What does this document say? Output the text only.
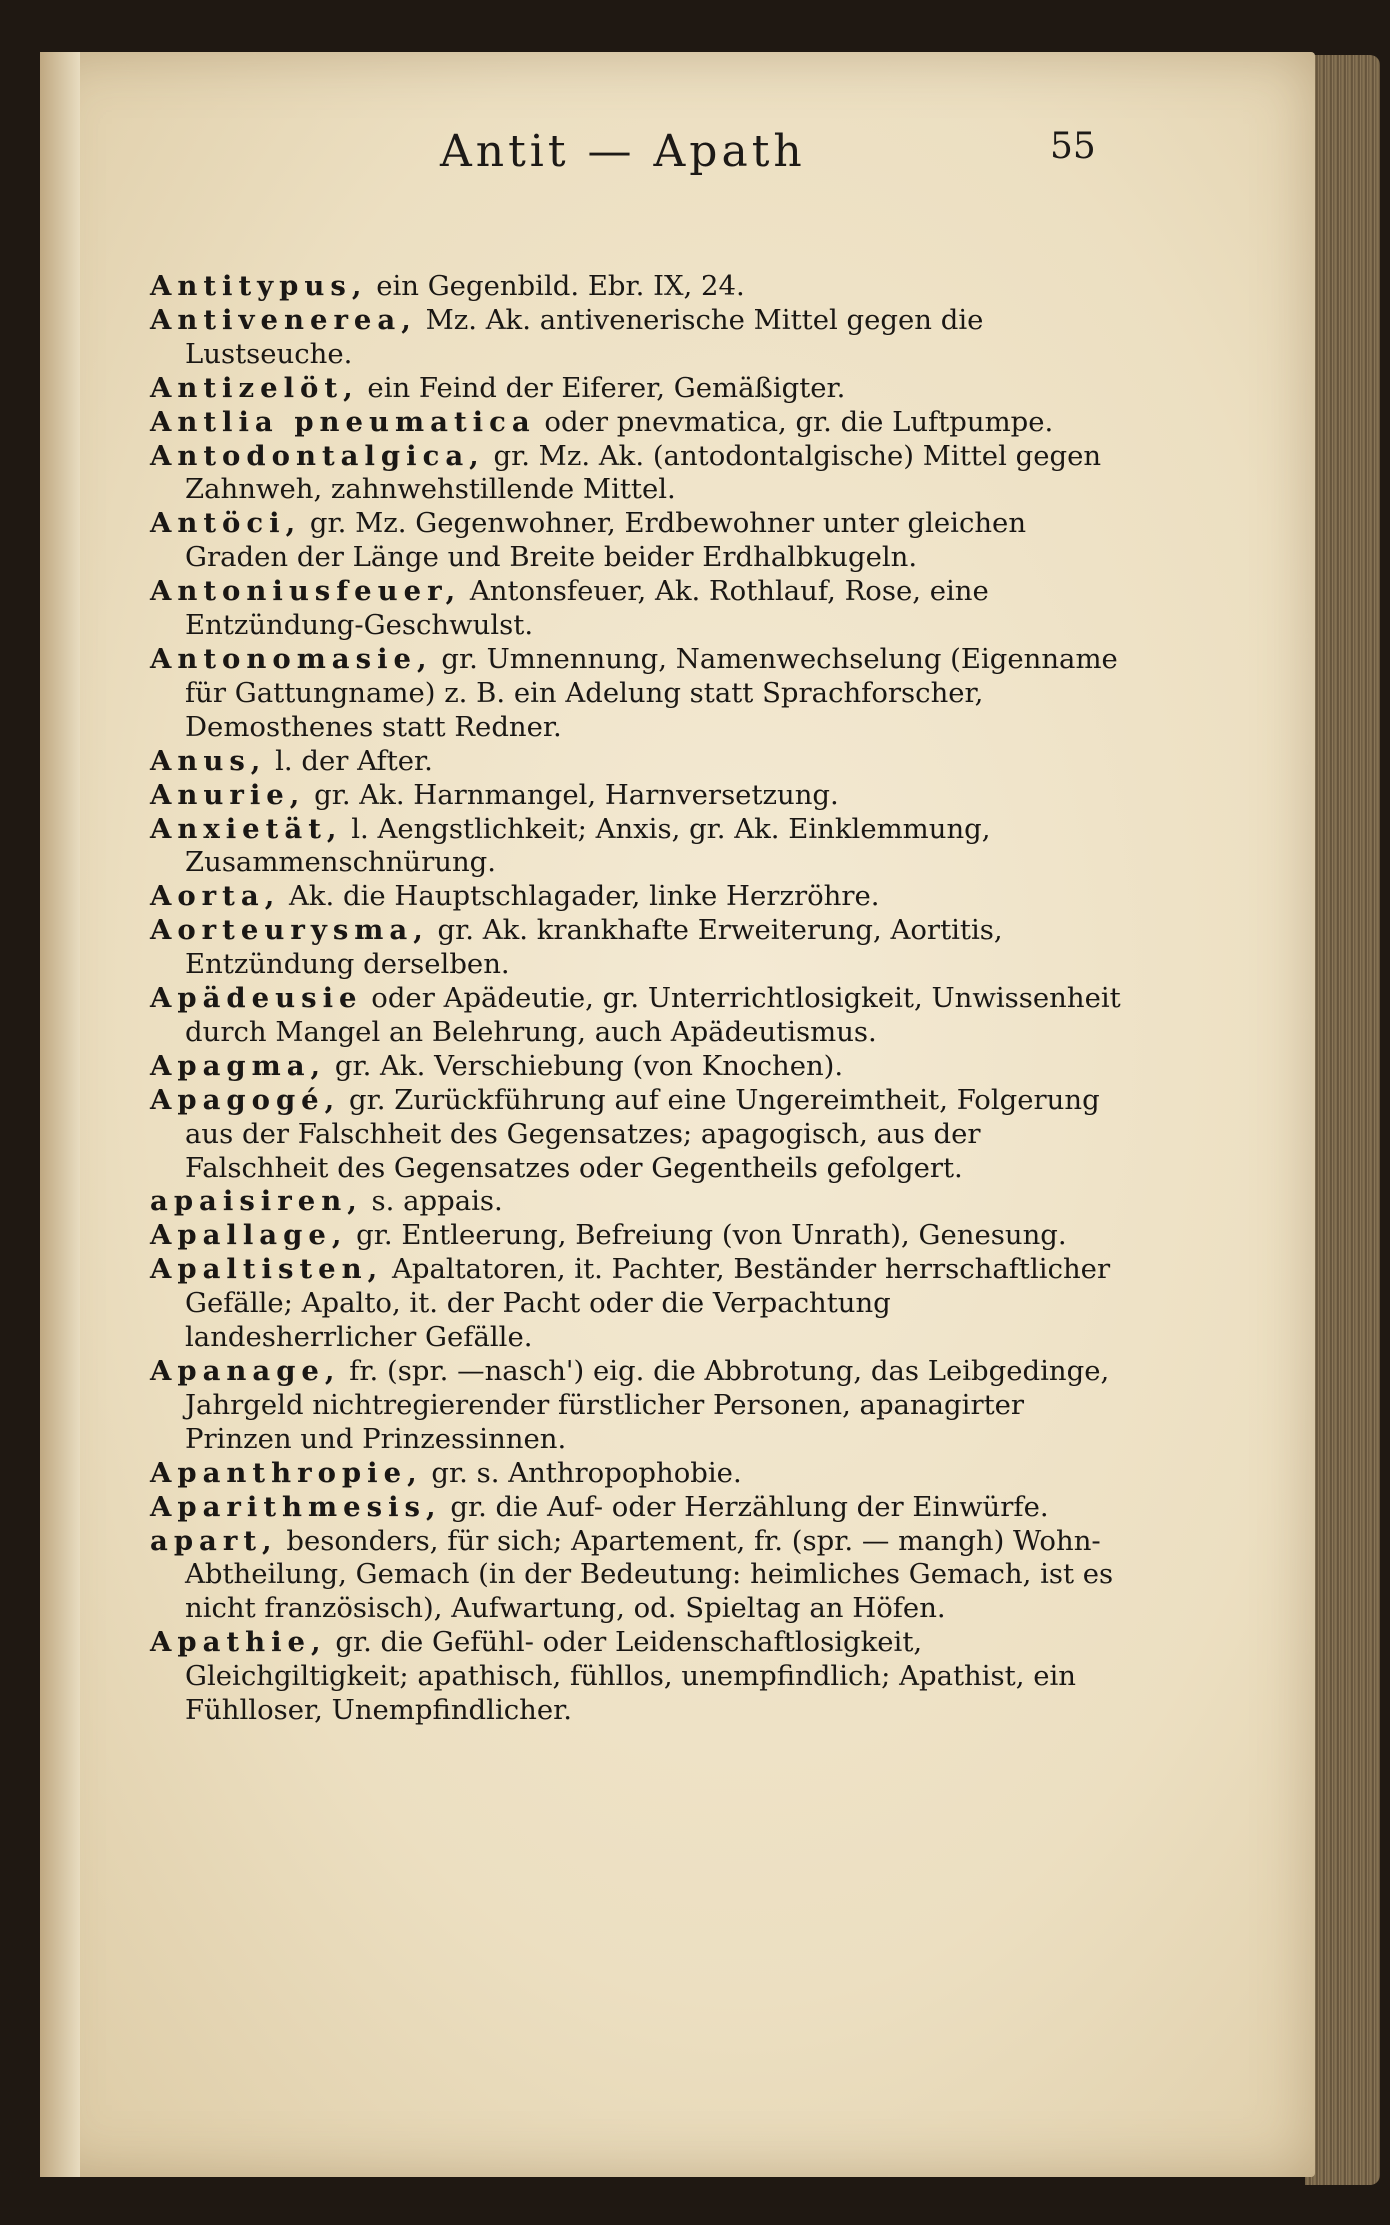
Antit — Apath	55

Antitypus, ein Gegenbild. Ebr. IX, 24.

Antivenerea, Mz. Ak. antivenerische Mittel gegen die Lustseuche.

Antizelöt, ein Feind der Eiferer, Gemäßigter.

Antlia pneumatica oder pnevmatica, gr. die Luftpumpe.

Antodontalgica, gr. Mz. Ak. (antodontalgische) Mittel gegen Zahnweh, zahnwehstillende Mittel.

Antöci, gr. Mz. Gegenwohner, Erdbewohner unter gleichen Graden der Länge und Breite beider Erdhalbkugeln.

Antoniusfeuer, Antonsfeuer, Ak. Rothlauf, Rose, eine Entzündung-Geschwulst.

Antonomasie, gr. Umnennung, Namenwechselung (Eigenname für Gattungname) z. B. ein Adelung statt Sprachforscher, Demosthenes statt Redner.

Anus, l. der After.

Anurie, gr. Ak. Harnmangel, Harnversetzung.

Anxietät, l. Aengstlichkeit; Anxis, gr. Ak. Einklemmung, Zusammenschnürung.

Aorta, Ak. die Hauptschlagader, linke Herzröhre.

Aorteurysma, gr. Ak. krankhafte Erweiterung, Aortitis, Entzündung derselben.

Apädeusie oder Apädeutie, gr. Unterrichtlosigkeit, Unwissenheit durch Mangel an Belehrung, auch Apädeutismus.

Apagma, gr. Ak. Verschiebung (von Knochen).

Apagogé, gr. Zurückführung auf eine Ungereimtheit, Folgerung aus der Falschheit des Gegensatzes; apagogisch, aus der Falschheit des Gegensatzes oder Gegentheils gefolgert.

apaisiren, s. appais.

Apallage, gr. Entleerung, Befreiung (von Unrath), Genesung.

Apaltisten, Apaltatoren, it. Pachter, Beständer herrschaftlicher Gefälle; Apalto, it. der Pacht oder die Verpachtung landesherrlicher Gefälle.

Apanage, fr. (spr. —nasch') eig. die Abbrotung, das Leibgedinge, Jahrgeld nichtregierender fürstlicher Personen, apanagirter Prinzen und Prinzessinnen.

Apanthropie, gr. s. Anthropophobie.

Aparithmesis, gr. die Auf- oder Herzählung der Einwürfe.

apart, besonders, für sich; Apartement, fr. (spr. — mangh) Wohn-Abtheilung, Gemach (in der Bedeutung: heimliches Gemach, ist es nicht französisch), Aufwartung, od. Spieltag an Höfen.

Apathie, gr. die Gefühl- oder Leidenschaftlosigkeit, Gleichgiltigkeit; apathisch, fühllos, unempfindlich; Apathist, ein Fühlloser, Unempfindlicher.
